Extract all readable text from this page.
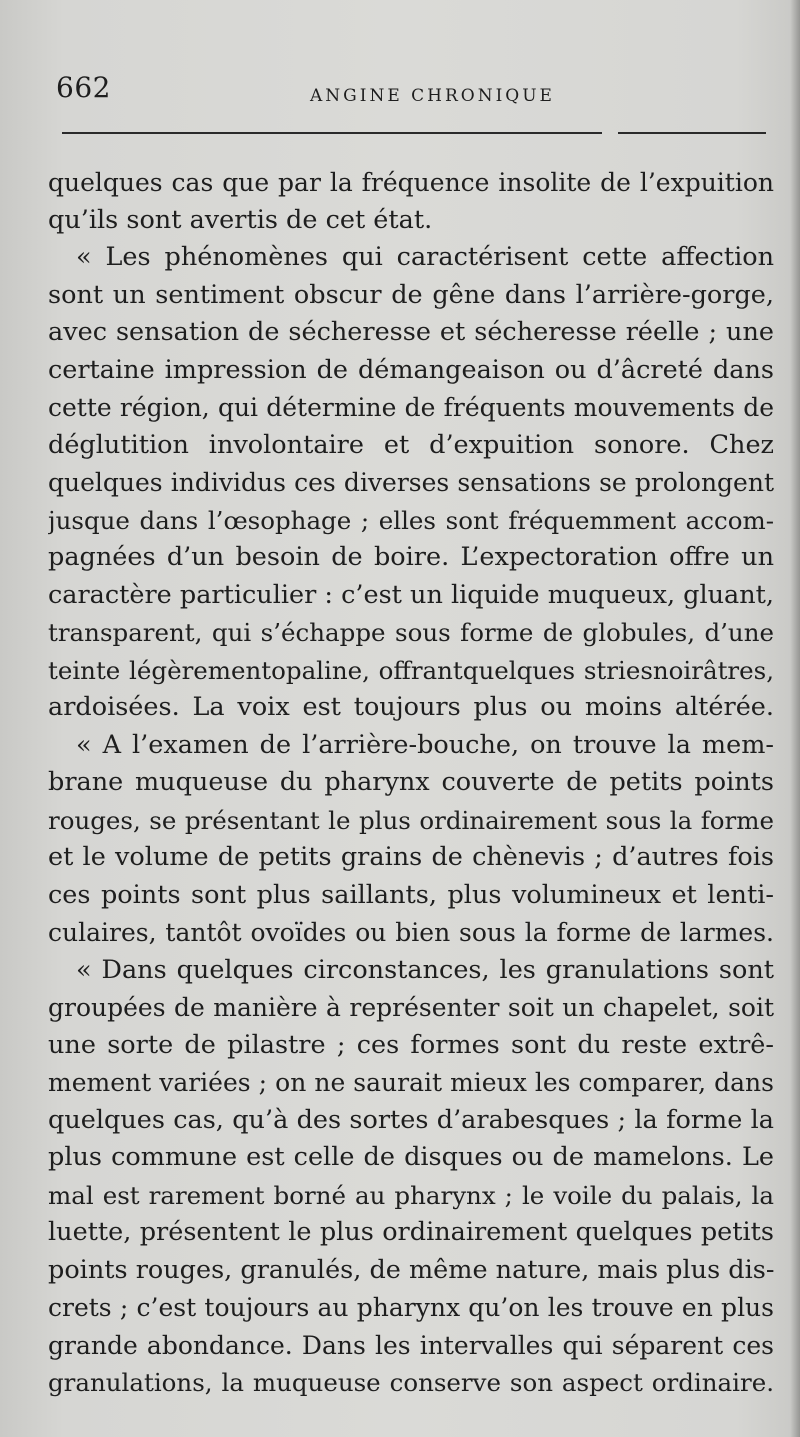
662	ANGINE CHRONIQUE
quelques cas que par la fréquence insolite de l’expuition
qu’ils sont avertis de cet état.
« Les phénomènes qui caractérisent cette affection
sont un sentiment obscur de gêne dans l’arrière-gorge,
avec sensation de sécheresse et sécheresse réelle ; une
certaine impression de démangeaison ou d’âcreté dans
cette région, qui détermine de fréquents mouvements de
déglutition involontaire et d’expuition sonore. Chez
quelques individus ces diverses sensations se prolongent
jusque dans l’œsophage ; elles sont fréquemment accom-
pagnées d’un besoin de boire. L’expectoration offre un
caractère particulier : c’est un liquide muqueux, gluant,
transparent, qui s’échappe sous forme de globules, d’une
teinte légèrementopaline, offrantquelques striesnoirâtres,
ardoisées. La voix est toujours plus ou moins altérée.
« A l’examen de l’arrière-bouche, on trouve la mem-
brane muqueuse du pharynx couverte de petits points
rouges, se présentant le plus ordinairement sous la forme
et le volume de petits grains de chènevis ; d’autres fois
ces points sont plus saillants, plus volumineux et lenti-
culaires, tantôt ovoïdes ou bien sous la forme de larmes.
« Dans quelques circonstances, les granulations sont
groupées de manière à représenter soit un chapelet, soit
une sorte de pilastre ; ces formes sont du reste extrê-
mement variées ; on ne saurait mieux les comparer, dans
quelques cas, qu’à des sortes d’arabesques ; la forme la
plus commune est celle de disques ou de mamelons. Le
mal est rarement borné au pharynx ; le voile du palais, la
luette, présentent le plus ordinairement quelques petits
points rouges, granulés, de même nature, mais plus dis-
crets ; c’est toujours au pharynx qu’on les trouve en plus
grande abondance. Dans les intervalles qui séparent ces
granulations, la muqueuse conserve son aspect ordinaire.
